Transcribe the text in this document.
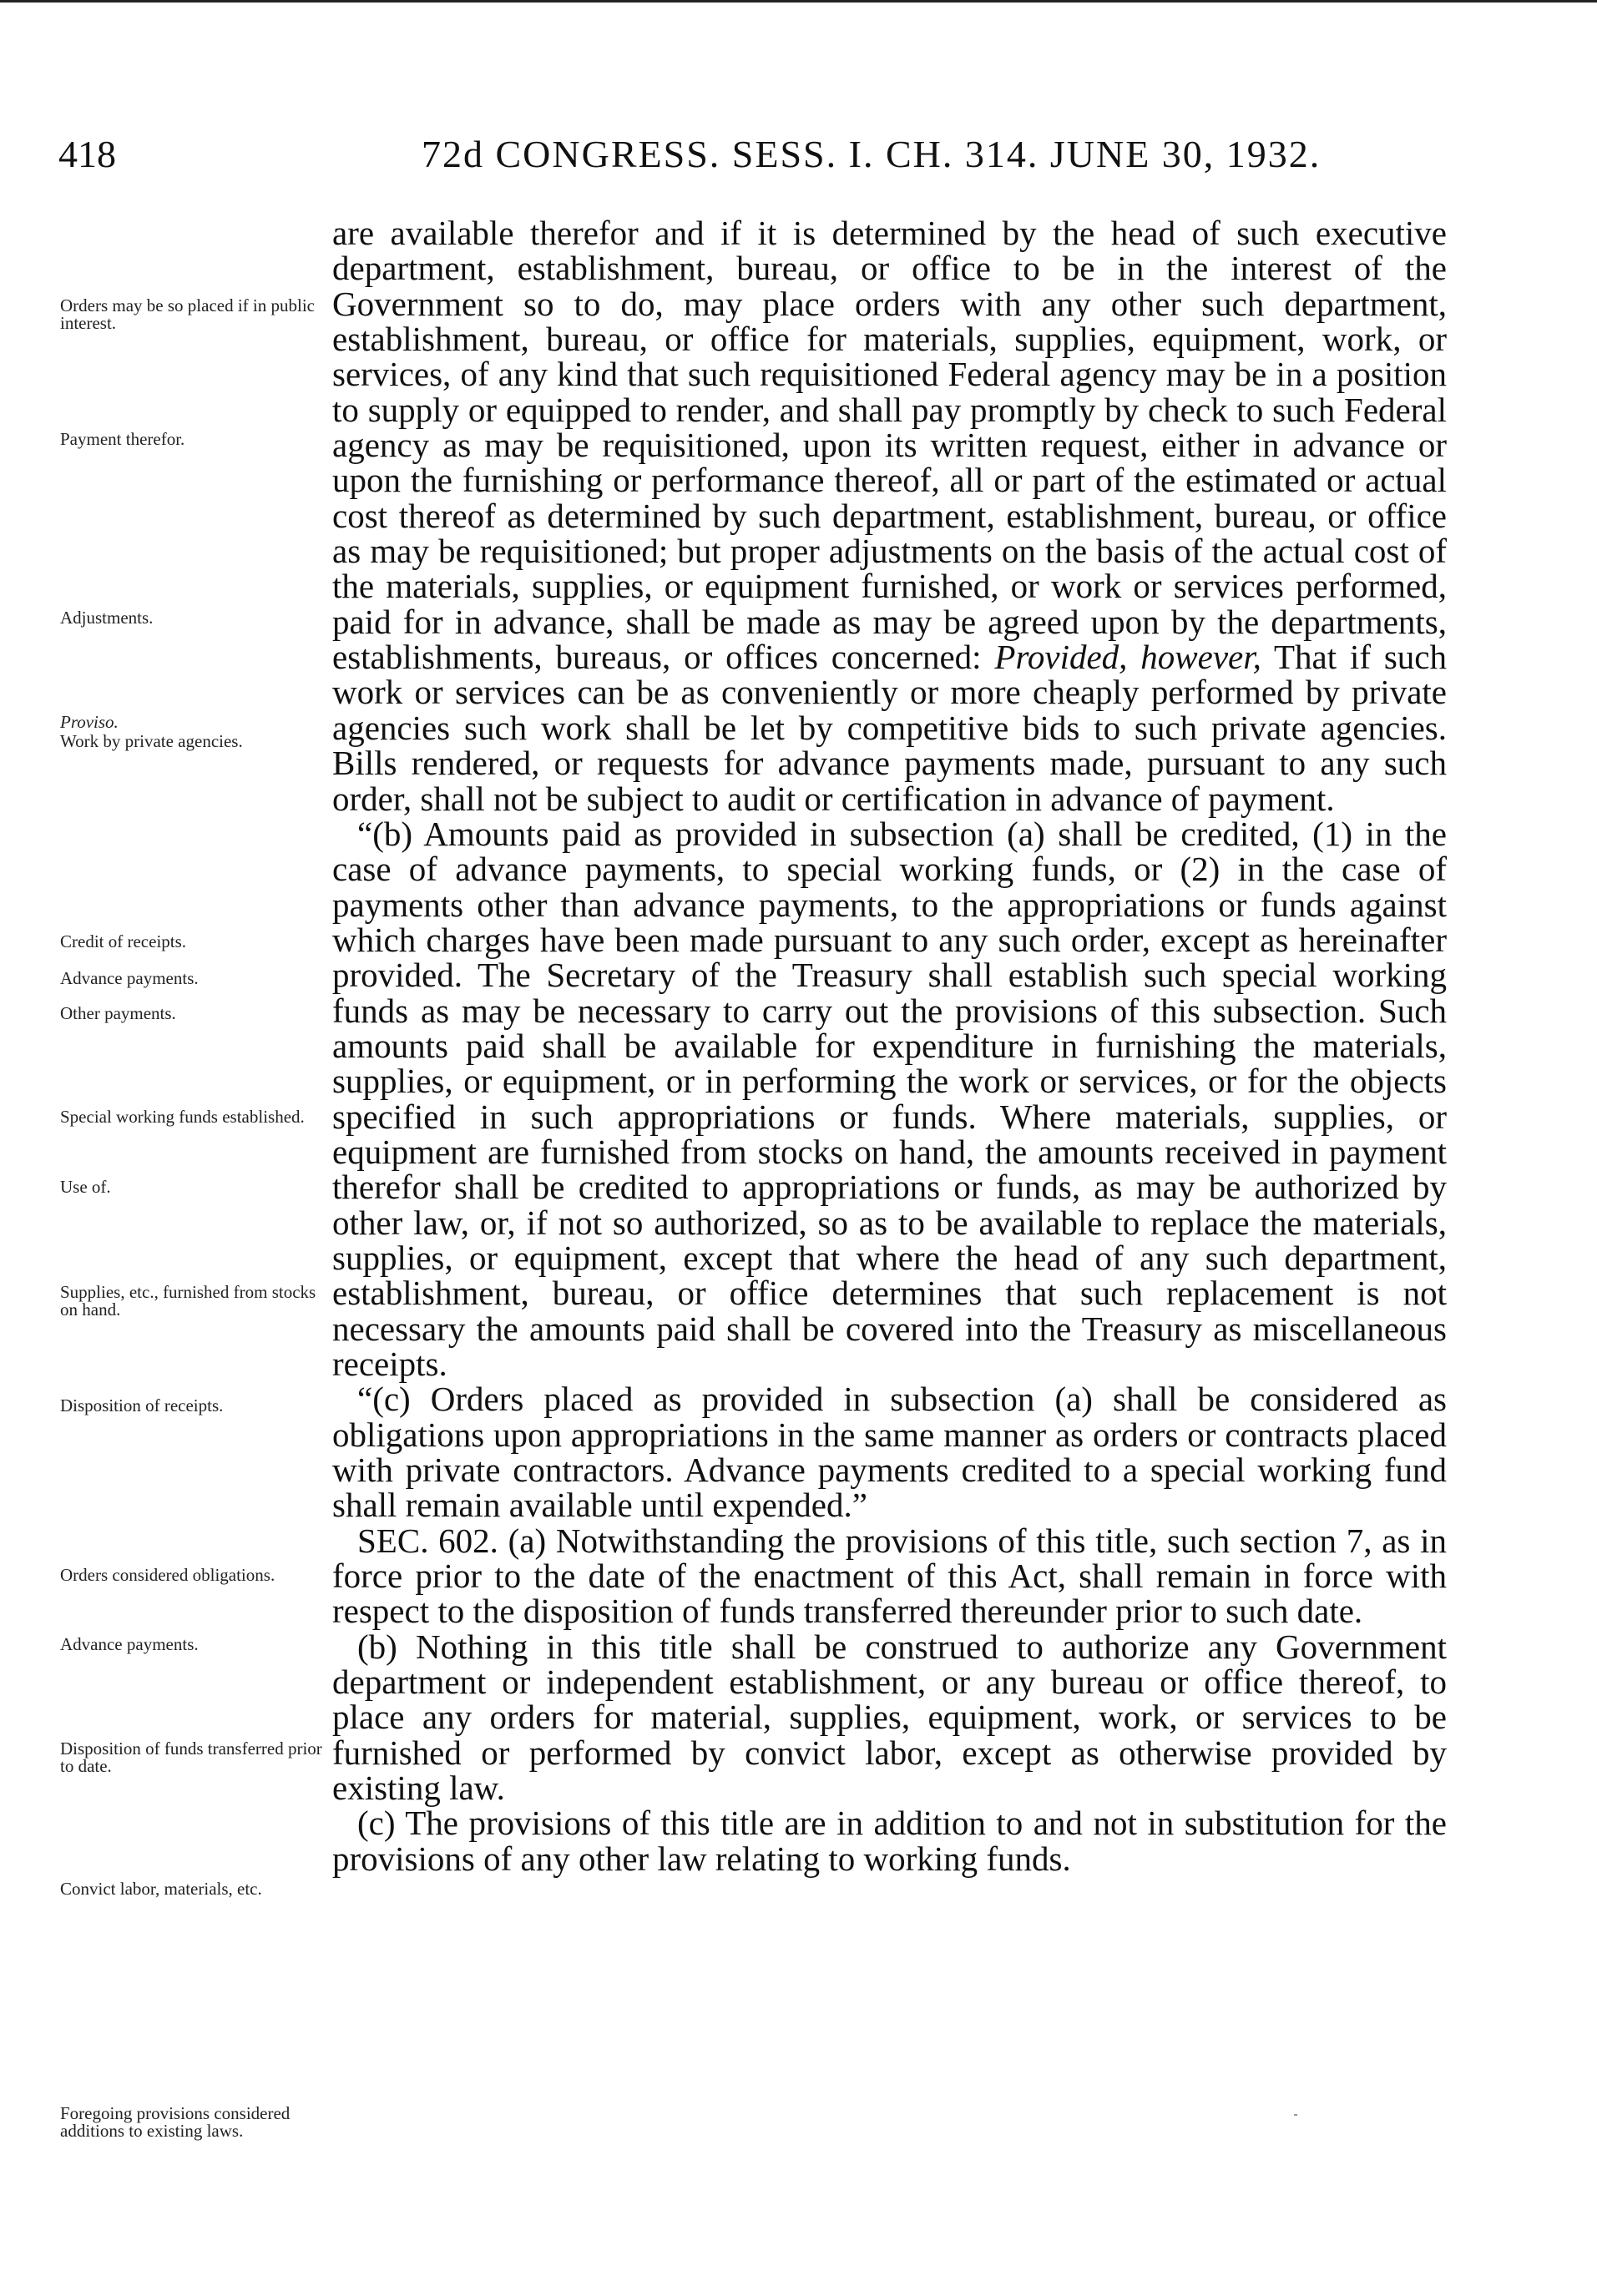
418	72d CONGRESS. SESS. I. CH. 314. JUNE 30, 1932.
Orders may be so placed if in public interest.
Payment therefor.
Adjustments.
Proviso.
Work by private agencies.
Credit of receipts.
Advance payments.
Other payments.
Special working funds established.
Use of.
Supplies, etc., furnished from stocks on hand.
Disposition of receipts.
Orders considered obligations.
Advance payments.
Disposition of funds transferred prior to date.
Convict labor, materials, etc.
Foregoing provisions considered additions to existing laws.

are available therefor and if it is determined by the head of such executive department, establishment, bureau, or office to be in the interest of the Government so to do, may place orders with any other such department, establishment, bureau, or office for materials, supplies, equipment, work, or services, of any kind that such requisitioned Federal agency may be in a position to supply or equipped to render, and shall pay promptly by check to such Federal agency as may be requisitioned, upon its written request, either in advance or upon the furnishing or performance thereof, all or part of the estimated or actual cost thereof as determined by such department, establishment, bureau, or office as may be requisitioned; but proper adjustments on the basis of the actual cost of the materials, supplies, or equipment furnished, or work or services performed, paid for in advance, shall be made as may be agreed upon by the departments, establishments, bureaus, or offices concerned: Provided, however, That if such work or services can be as conveniently or more cheaply performed by private agencies such work shall be let by competitive bids to such private agencies. Bills rendered, or requests for advance payments made, pursuant to any such order, shall not be subject to audit or certification in advance of payment.

“(b) Amounts paid as provided in subsection (a) shall be credited, (1) in the case of advance payments, to special working funds, or (2) in the case of payments other than advance payments, to the appropriations or funds against which charges have been made pursuant to any such order, except as hereinafter provided. The Secretary of the Treasury shall establish such special working funds as may be necessary to carry out the provisions of this subsection. Such amounts paid shall be available for expenditure in furnishing the materials, supplies, or equipment, or in performing the work or services, or for the objects specified in such appropriations or funds. Where materials, supplies, or equipment are furnished from stocks on hand, the amounts received in payment therefor shall be credited to appropriations or funds, as may be authorized by other law, or, if not so authorized, so as to be available to replace the materials, supplies, or equipment, except that where the head of any such department, establishment, bureau, or office determines that such replacement is not necessary the amounts paid shall be covered into the Treasury as miscellaneous receipts.

“(c) Orders placed as provided in subsection (a) shall be considered as obligations upon appropriations in the same manner as orders or contracts placed with private contractors. Advance payments credited to a special working fund shall remain available until expended.”

SEC. 602. (a) Notwithstanding the provisions of this title, such section 7, as in force prior to the date of the enactment of this Act, shall remain in force with respect to the disposition of funds transferred thereunder prior to such date.

(b) Nothing in this title shall be construed to authorize any Government department or independent establishment, or any bureau or office thereof, to place any orders for material, supplies, equipment, work, or services to be furnished or performed by convict labor, except as otherwise provided by existing law.

(c) The provisions of this title are in addition to and not in substitution for the provisions of any other law relating to working funds.
